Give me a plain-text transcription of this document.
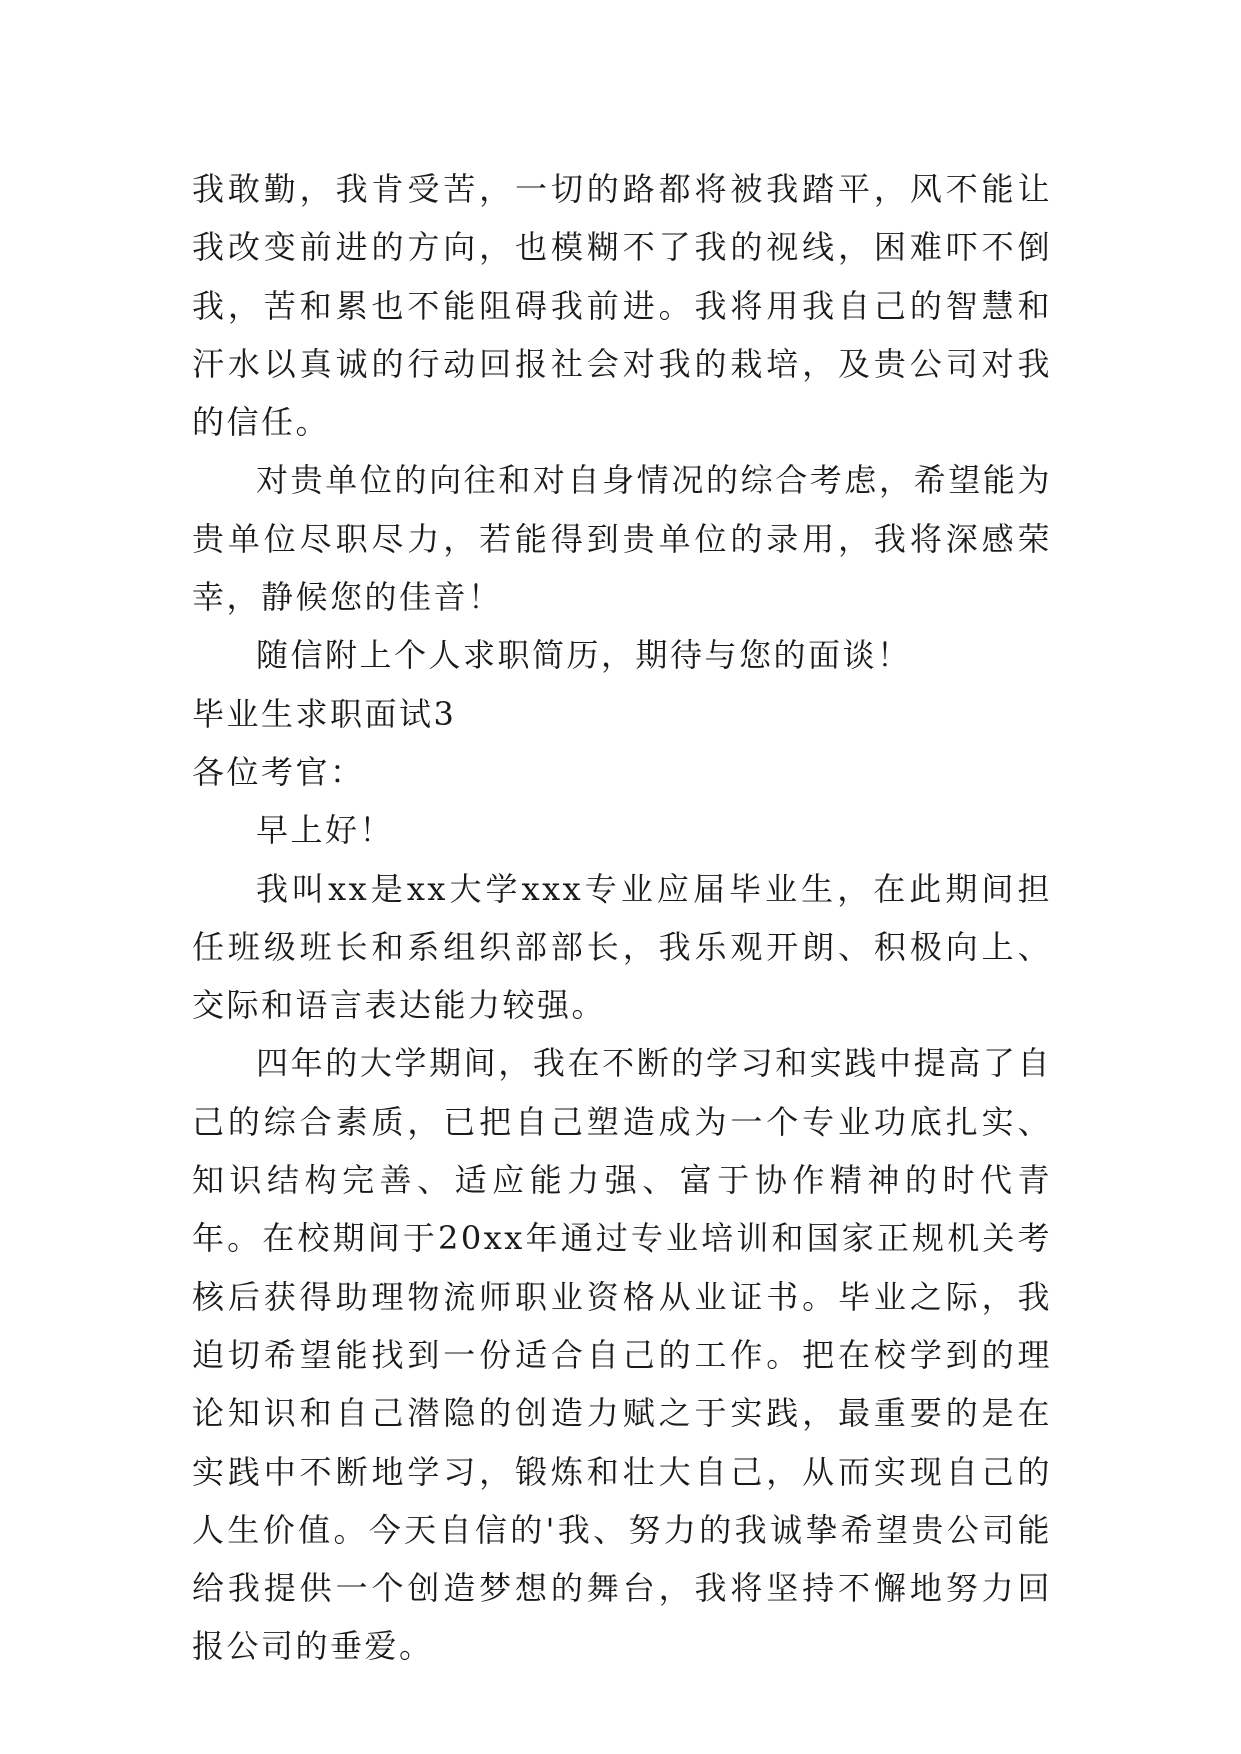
我敢勤，我肯受苦，一切的路都将被我踏平，风不能让我改变前进的方向，也模糊不了我的视线，困难吓不倒我，苦和累也不能阻碍我前进。我将用我自己的智慧和汗水以真诚的行动回报社会对我的栽培，及贵公司对我的信任。

对贵单位的向往和对自身情况的综合考虑，希望能为贵单位尽职尽力，若能得到贵单位的录用，我将深感荣幸，静候您的佳音！

随信附上个人求职简历，期待与您的面谈！

毕业生求职面试3

各位考官：

早上好！

我叫xx是xx大学xxx专业应届毕业生，在此期间担任班级班长和系组织部部长，我乐观开朗、积极向上、交际和语言表达能力较强。

四年的大学期间，我在不断的学习和实践中提高了自己的综合素质，已把自己塑造成为一个专业功底扎实、知识结构完善、适应能力强、富于协作精神的时代青年。在校期间于20xx年通过专业培训和国家正规机关考核后获得助理物流师职业资格从业证书。毕业之际，我迫切希望能找到一份适合自己的工作。把在校学到的理论知识和自己潜隐的创造力赋之于实践，最重要的是在实践中不断地学习，锻炼和壮大自己，从而实现自己的人生价值。今天自信的'我、努力的我诚挚希望贵公司能给我提供一个创造梦想的舞台，我将坚持不懈地努力回报公司的垂爱。
